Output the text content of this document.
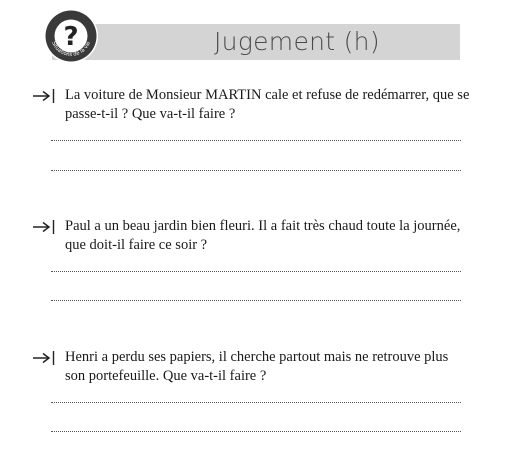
Jugement (h)
?
Situations de la vie

La voiture de Monsieur MARTIN cale et refuse de redémarrer, que se passe-t-il ? Que va-t-il faire ?

Paul a un beau jardin bien fleuri. Il a fait très chaud toute la journée, que doit-il faire ce soir ?

Henri a perdu ses papiers, il cherche partout mais ne retrouve plus son portefeuille. Que va-t-il faire ?
